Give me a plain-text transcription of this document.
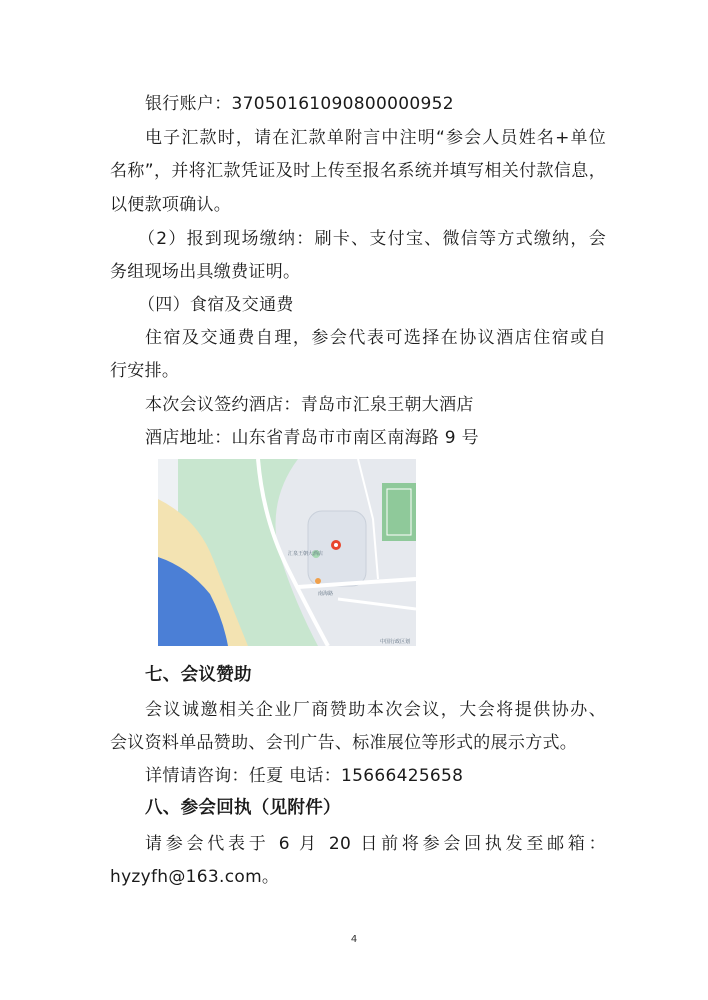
银行账户：37050161090800000952
电子汇款时，请在汇款单附言中注明“参会人员姓名+单位
名称”，并将汇款凭证及时上传至报名系统并填写相关付款信息，
以便款项确认。
（2）报到现场缴纳：刷卡、支付宝、微信等方式缴纳，会
务组现场出具缴费证明。
（四）食宿及交通费
住宿及交通费自理，参会代表可选择在协议酒店住宿或自
行安排。
本次会议签约酒店：青岛市汇泉王朝大酒店
酒店地址：山东省青岛市市南区南海路 9 号
汇泉王朝大酒店
南海路
中国行政区划
七、会议赞助
会议诚邀相关企业厂商赞助本次会议，大会将提供协办、
会议资料单品赞助、会刊广告、标准展位等形式的展示方式。
详情请咨询：任夏 电话：15666425658
八、参会回执（见附件）
请参会代表于 6 月 20 日前将参会回执发至邮箱：
hyzyfh@163.com。
4
